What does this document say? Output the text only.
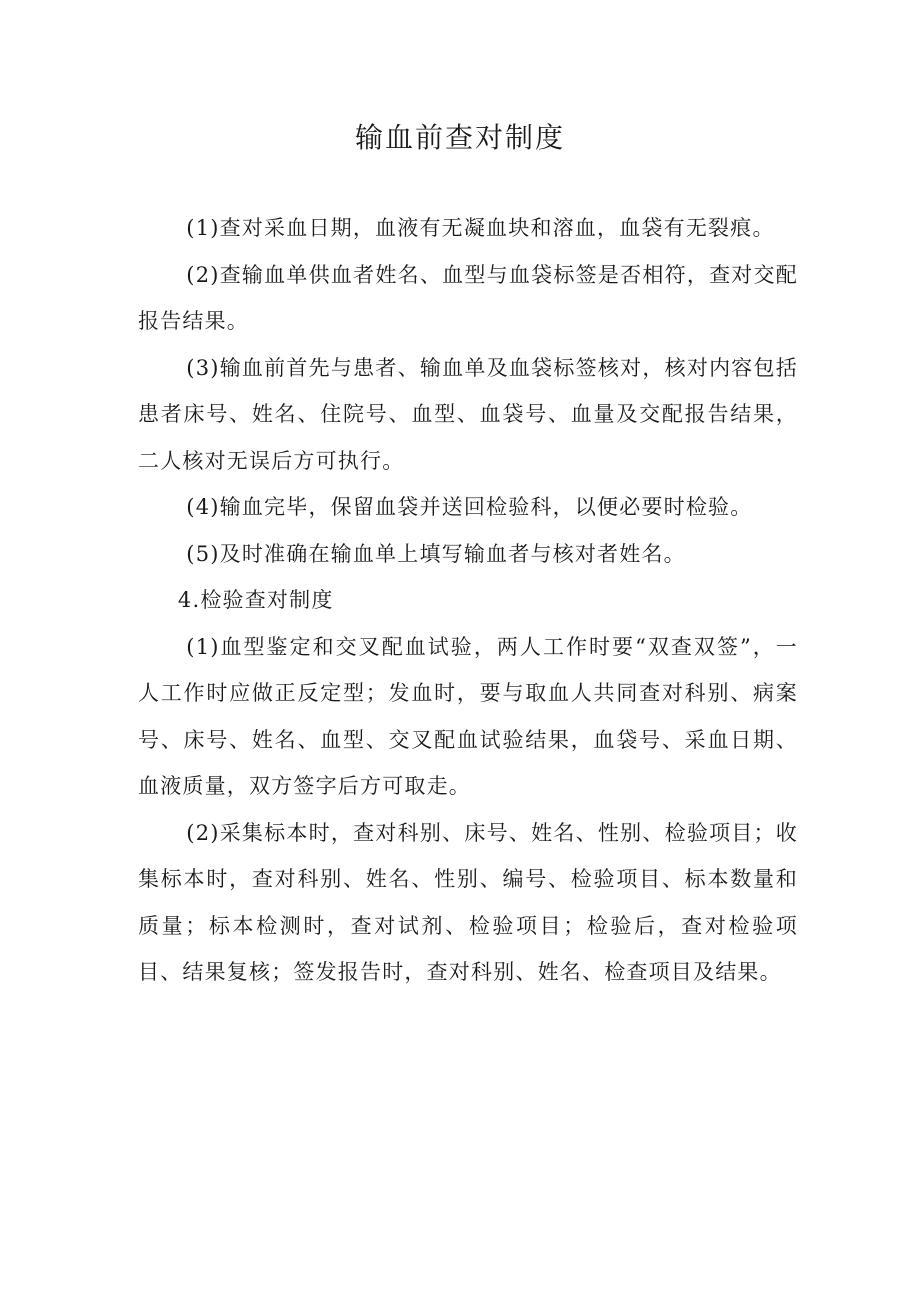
输血前查对制度

(1)查对采血日期，血液有无凝血块和溶血，血袋有无裂痕。

(2)查输血单供血者姓名、血型与血袋标签是否相符，查对交配报告结果。

(3)输血前首先与患者、输血单及血袋标签核对，核对内容包括患者床号、姓名、住院号、血型、血袋号、血量及交配报告结果，二人核对无误后方可执行。

(4)输血完毕，保留血袋并送回检验科，以便必要时检验。

(5)及时准确在输血单上填写输血者与核对者姓名。

4.检验查对制度

(1)血型鉴定和交叉配血试验，两人工作时要“双查双签”，一人工作时应做正反定型；发血时，要与取血人共同查对科别、病案号、床号、姓名、血型、交叉配血试验结果，血袋号、采血日期、血液质量，双方签字后方可取走。

(2)采集标本时，查对科别、床号、姓名、性别、检验项目；收集标本时，查对科别、姓名、性别、编号、检验项目、标本数量和质量；标本检测时，查对试剂、检验项目；检验后，查对检验项目、结果复核；签发报告时，查对科别、姓名、检查项目及结果。
